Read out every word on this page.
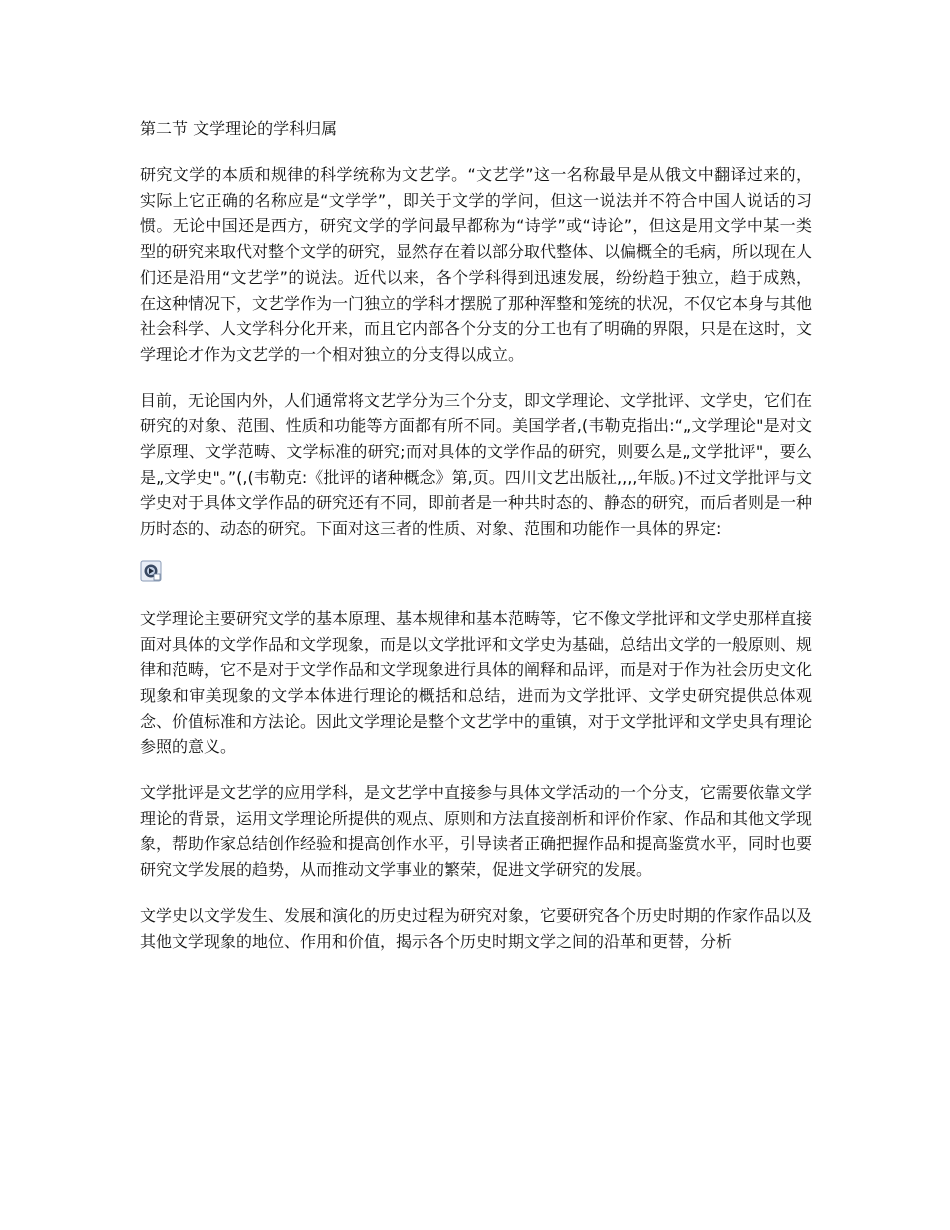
第二节 文学理论的学科归属

研究文学的本质和规律的科学统称为文艺学。“文艺学”这一名称最早是从俄文中翻译过来的，实际上它正确的名称应是“文学学”，即关于文学的学问，但这一说法并不符合中国人说话的习惯。无论中国还是西方，研究文学的学问最早都称为“诗学”或“诗论”，但这是用文学中某一类型的研究来取代对整个文学的研究，显然存在着以部分取代整体、以偏概全的毛病，所以现在人们还是沿用“文艺学”的说法。近代以来，各个学科得到迅速发展，纷纷趋于独立，趋于成熟，在这种情况下，文艺学作为一门独立的学科才摆脱了那种浑整和笼统的状况，不仅它本身与其他社会科学、人文学科分化开来，而且它内部各个分支的分工也有了明确的界限，只是在这时，文学理论才作为文艺学的一个相对独立的分支得以成立。

目前，无论国内外，人们通常将文艺学分为三个分支，即文学理论、文学批评、文学史，它们在研究的对象、范围、性质和功能等方面都有所不同。美国学者,(韦勒克指出:“„文学理论"是对文学原理、文学范畴、文学标准的研究;而对具体的文学作品的研究，则要么是„文学批评"，要么是„文学史"。”(,(韦勒克:《批评的诸种概念》第,页。四川文艺出版社,,,,年版。)不过文学批评与文学史对于具体文学作品的研究还有不同，即前者是一种共时态的、静态的研究，而后者则是一种历时态的、动态的研究。下面对这三者的性质、对象、范围和功能作一具体的界定:

文学理论主要研究文学的基本原理、基本规律和基本范畴等，它不像文学批评和文学史那样直接面对具体的文学作品和文学现象，而是以文学批评和文学史为基础，总结出文学的一般原则、规律和范畴，它不是对于文学作品和文学现象进行具体的阐释和品评，而是对于作为社会历史文化现象和审美现象的文学本体进行理论的概括和总结，进而为文学批评、文学史研究提供总体观念、价值标准和方法论。因此文学理论是整个文艺学中的重镇，对于文学批评和文学史具有理论参照的意义。

文学批评是文艺学的应用学科，是文艺学中直接参与具体文学活动的一个分支，它需要依靠文学理论的背景，运用文学理论所提供的观点、原则和方法直接剖析和评价作家、作品和其他文学现象，帮助作家总结创作经验和提高创作水平，引导读者正确把握作品和提高鉴赏水平，同时也要研究文学发展的趋势，从而推动文学事业的繁荣，促进文学研究的发展。

文学史以文学发生、发展和演化的历史过程为研究对象，它要研究各个历史时期的作家作品以及其他文学现象的地位、作用和价值，揭示各个历史时期文学之间的沿革和更替，分析
